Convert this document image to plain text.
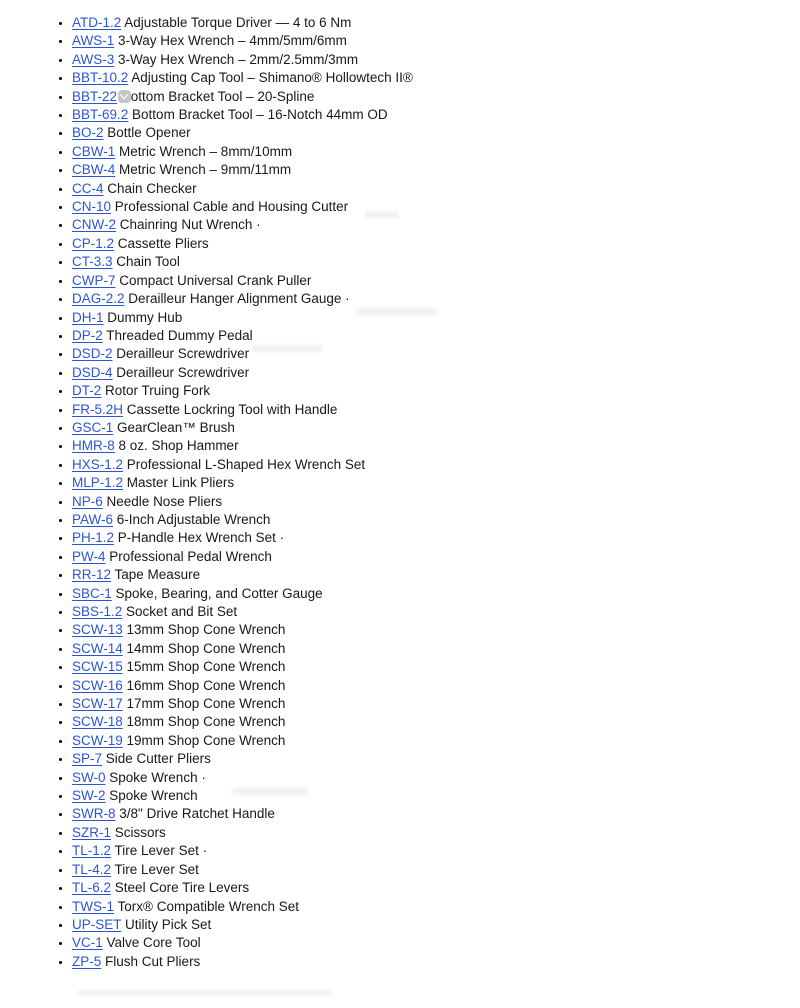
• ATD-1.2 Adjustable Torque Driver — 4 to 6 Nm
• AWS-1 3-Way Hex Wrench – 4mm/5mm/6mm
• AWS-3 3-Way Hex Wrench – 2mm/2.5mm/3mm
• BBT-10.2 Adjusting Cap Tool – Shimano® Hollowtech II®
• BBT-22 ottom Bracket Tool – 20-Spline
• BBT-69.2 Bottom Bracket Tool – 16-Notch 44mm OD
• BO-2 Bottle Opener
• CBW-1 Metric Wrench – 8mm/10mm
• CBW-4 Metric Wrench – 9mm/11mm
• CC-4 Chain Checker
• CN-10 Professional Cable and Housing Cutter
• CNW-2 Chainring Nut Wrench ·
• CP-1.2 Cassette Pliers
• CT-3.3 Chain Tool
• CWP-7 Compact Universal Crank Puller
• DAG-2.2 Derailleur Hanger Alignment Gauge ·
• DH-1 Dummy Hub
• DP-2 Threaded Dummy Pedal
• DSD-2 Derailleur Screwdriver
• DSD-4 Derailleur Screwdriver
• DT-2 Rotor Truing Fork
• FR-5.2H Cassette Lockring Tool with Handle
• GSC-1 GearClean™ Brush
• HMR-8 8 oz. Shop Hammer
• HXS-1.2 Professional L-Shaped Hex Wrench Set
• MLP-1.2 Master Link Pliers
• NP-6 Needle Nose Pliers
• PAW-6 6-Inch Adjustable Wrench
• PH-1.2 P-Handle Hex Wrench Set ·
• PW-4 Professional Pedal Wrench
• RR-12 Tape Measure
• SBC-1 Spoke, Bearing, and Cotter Gauge
• SBS-1.2 Socket and Bit Set
• SCW-13 13mm Shop Cone Wrench
• SCW-14 14mm Shop Cone Wrench
• SCW-15 15mm Shop Cone Wrench
• SCW-16 16mm Shop Cone Wrench
• SCW-17 17mm Shop Cone Wrench
• SCW-18 18mm Shop Cone Wrench
• SCW-19 19mm Shop Cone Wrench
• SP-7 Side Cutter Pliers
• SW-0 Spoke Wrench ·
• SW-2 Spoke Wrench
• SWR-8 3/8" Drive Ratchet Handle
• SZR-1 Scissors
• TL-1.2 Tire Lever Set ·
• TL-4.2 Tire Lever Set
• TL-6.2 Steel Core Tire Levers
• TWS-1 Torx® Compatible Wrench Set
• UP-SET Utility Pick Set
• VC-1 Valve Core Tool
• ZP-5 Flush Cut Pliers
